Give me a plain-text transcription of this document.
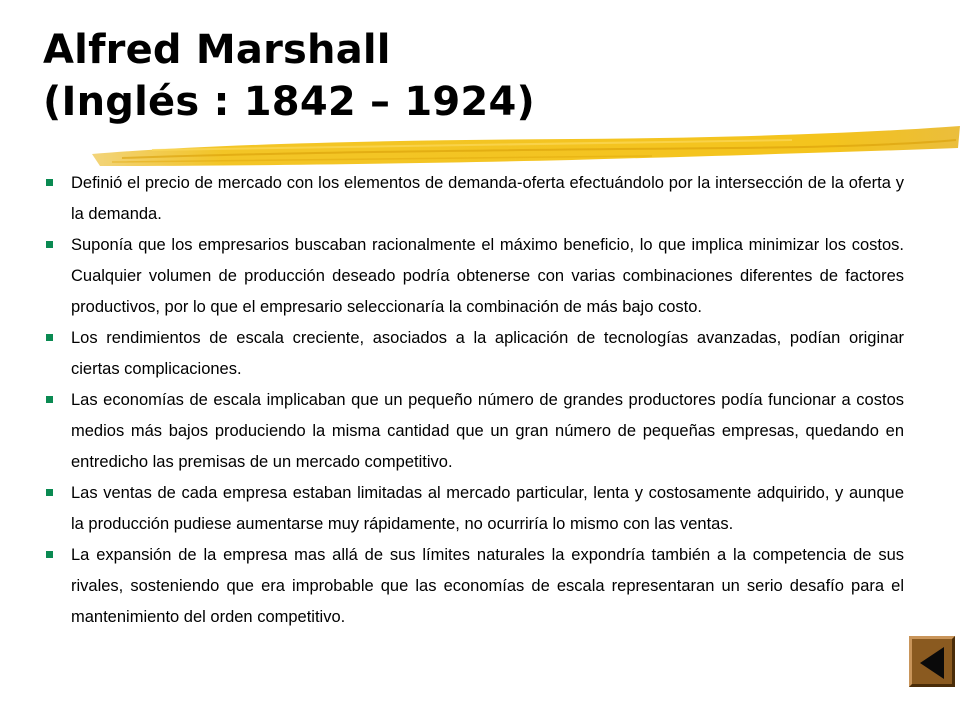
Alfred Marshall
(Inglés : 1842 – 1924)
Definió el precio de mercado con los elementos de demanda-oferta efectuándolo por la intersección de la oferta y la demanda.
Suponía que los empresarios buscaban racionalmente el máximo beneficio, lo que implica minimizar los costos. Cualquier volumen de producción deseado podría obtenerse con varias combinaciones diferentes de factores productivos, por lo que el empresario seleccionaría la combinación de más bajo costo.
Los rendimientos de escala creciente, asociados a la aplicación de tecnologías avanzadas, podían originar ciertas complicaciones.
Las economías de escala implicaban que un pequeño número de grandes productores podía funcionar a costos medios más bajos produciendo la misma cantidad que un gran número de pequeñas empresas, quedando en entredicho las premisas de un mercado competitivo.
Las ventas de cada empresa estaban limitadas al mercado particular, lenta y costosamente adquirido, y aunque la producción pudiese aumentarse muy rápidamente, no ocurriría lo mismo con las ventas.
La expansión de la empresa mas allá de sus límites naturales la expondría también a la competencia de sus rivales, sosteniendo que era improbable que las economías de escala representaran un serio desafío para el mantenimiento del orden competitivo.
